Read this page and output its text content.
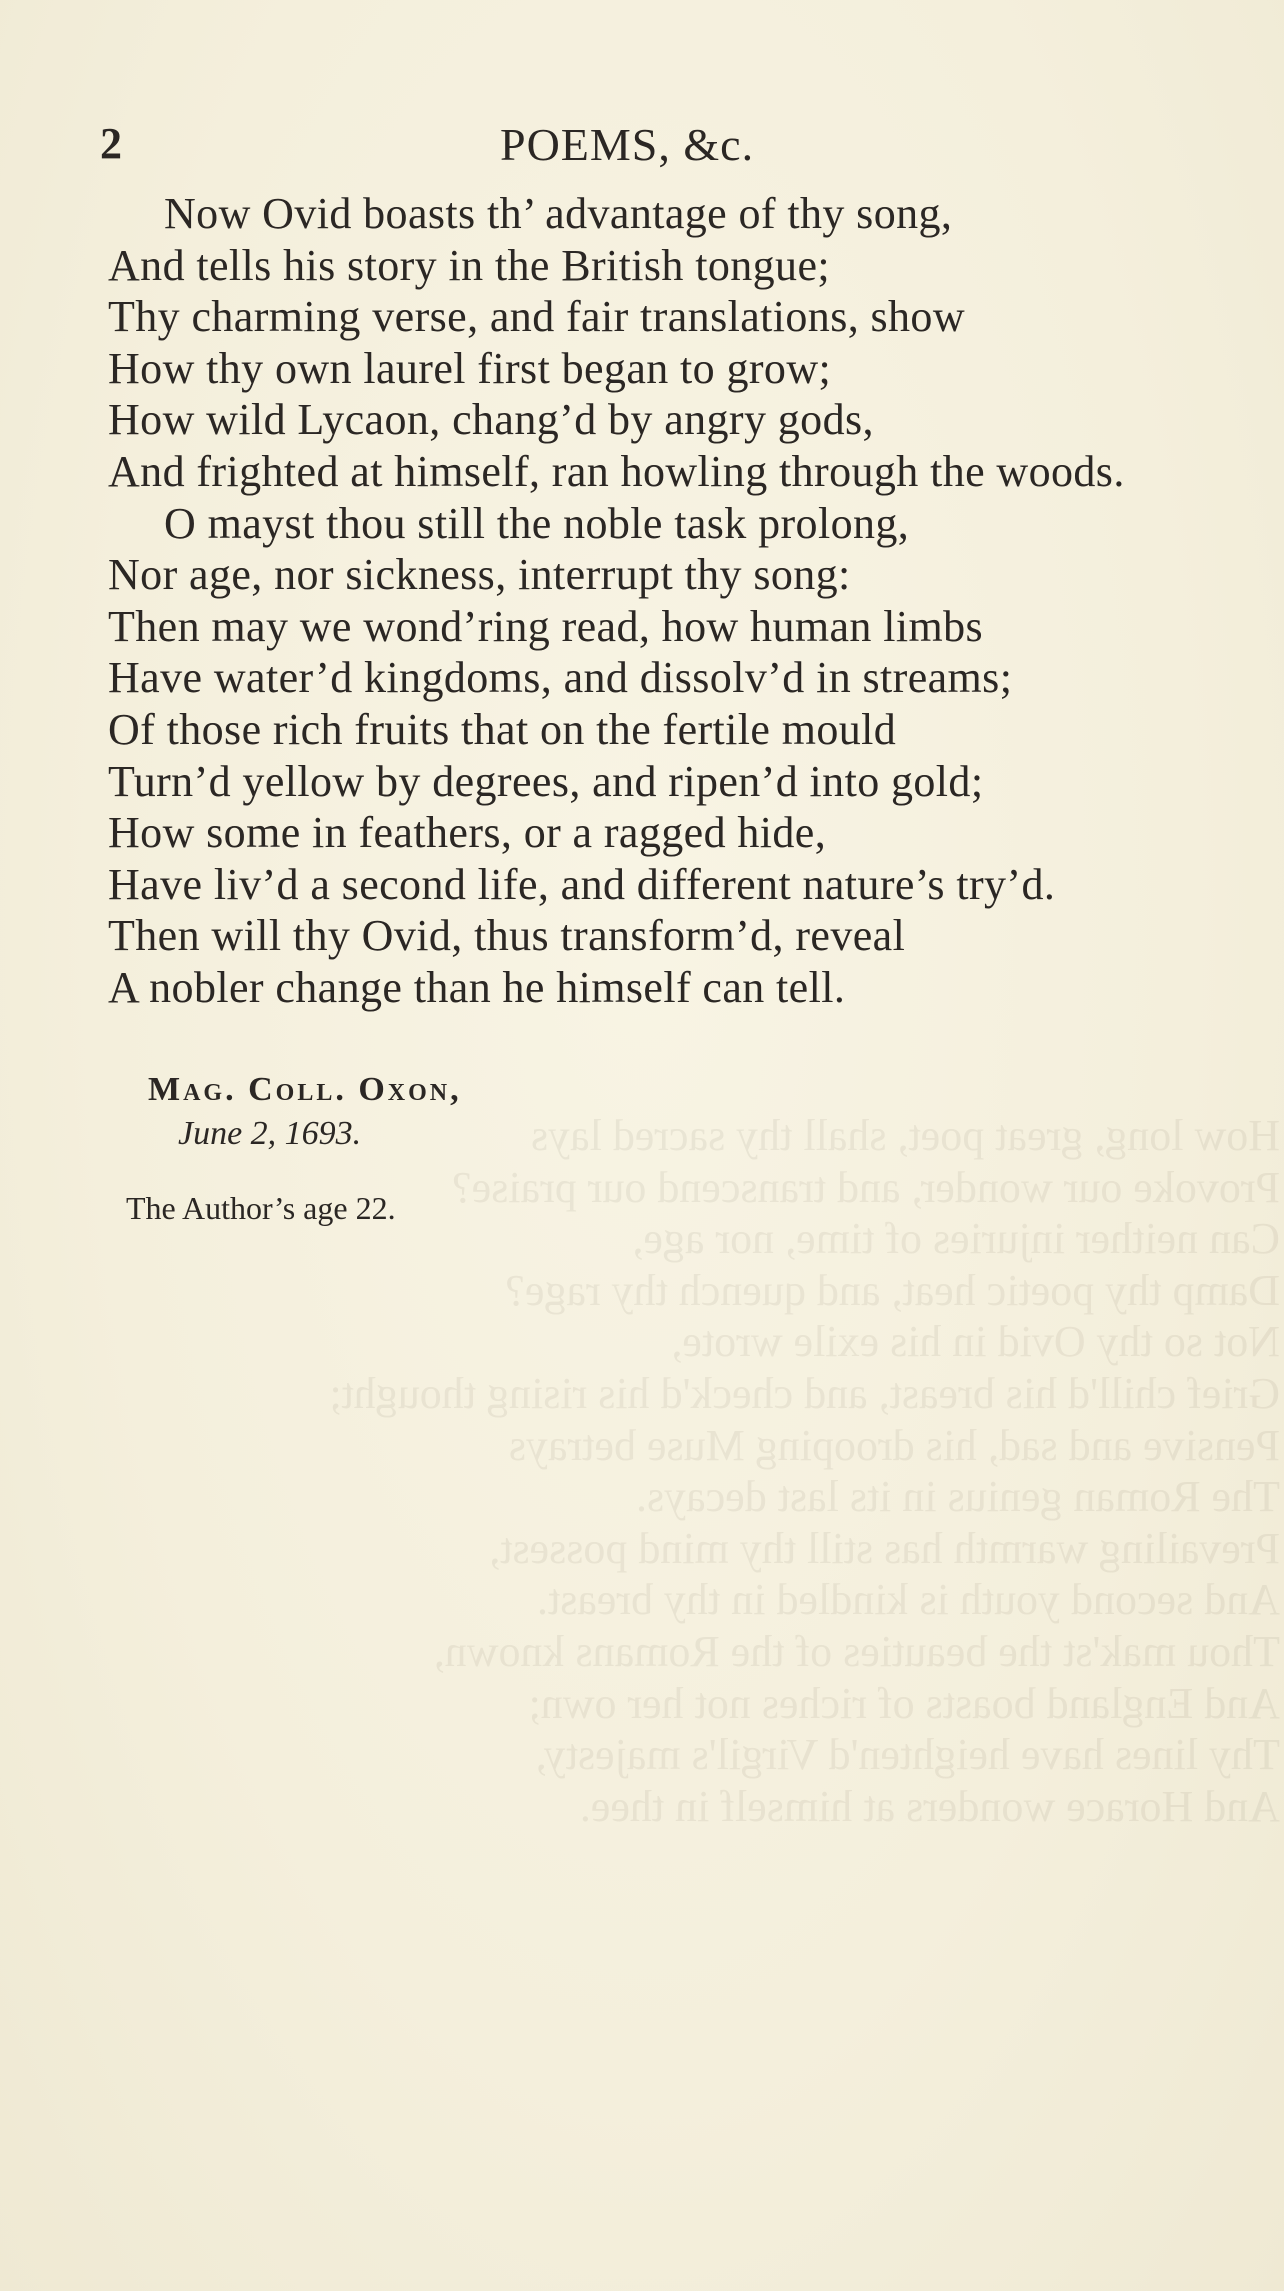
How long, great poet, shall thy sacred lays
Provoke our wonder, and transcend our praise?
Can neither injuries of time, nor age,
Damp thy poetic heat, and quench thy rage?
Not so thy Ovid in his exile wrote,
Grief chill'd his breast, and check'd his rising thought;
Pensive and sad, his drooping Muse betrays
The Roman genius in its last decays.
Prevailing warmth has still thy mind possest,
And second youth is kindled in thy breast.
Thou mak'st the beauties of the Romans known,
And England boasts of riches not her own;
Thy lines have heighten'd Virgil's majesty,
And Horace wonders at himself in thee.
2	POEMS, &c.
Now Ovid boasts th’ advantage of thy song,
And tells his story in the British tongue;
Thy charming verse, and fair translations, show
How thy own laurel first began to grow;
How wild Lycaon, chang’d by angry gods,
And frighted at himself, ran howling through the woods.
O mayst thou still the noble task prolong,
Nor age, nor sickness, interrupt thy song:
Then may we wond’ring read, how human limbs
Have water’d kingdoms, and dissolv’d in streams;
Of those rich fruits that on the fertile mould
Turn’d yellow by degrees, and ripen’d into gold;
How some in feathers, or a ragged hide,
Have liv’d a second life, and different nature’s try’d.
Then will thy Ovid, thus transform’d, reveal
A nobler change than he himself can tell.
Mag. Coll. Oxon,
June 2, 1693.
The Author’s age 22.
